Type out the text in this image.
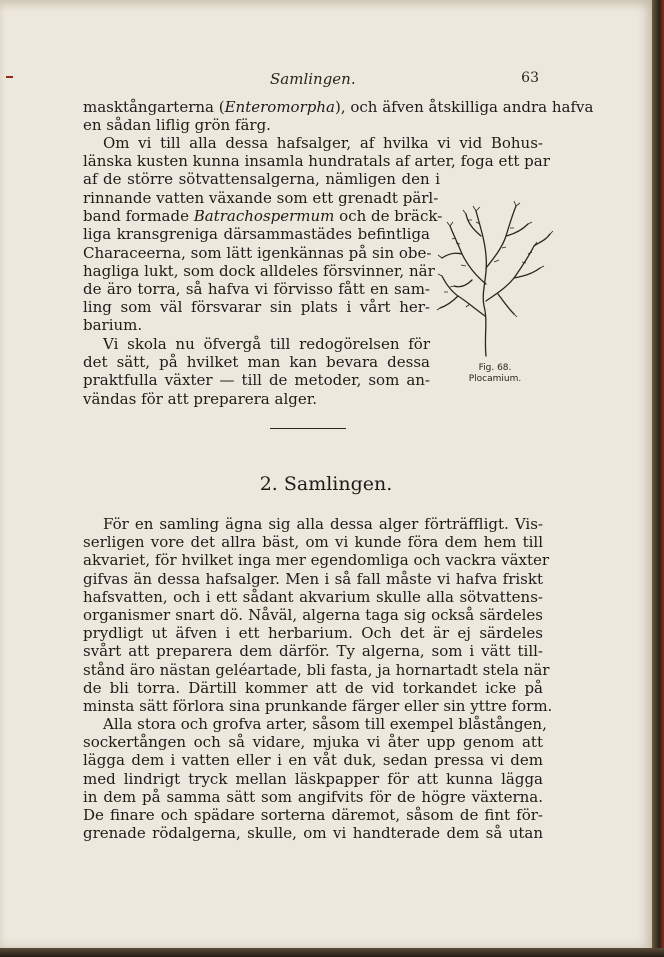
Samlingen.	63
masktångarterna (Enteromorpha), och äfven åtskilliga andra hafva
en sådan liflig grön färg.
Om vi till alla dessa hafsalger, af hvilka vi vid Bohus-
länska kusten kunna insamla hundratals af arter, foga ett par
af de större sötvattensalgerna, nämligen den i
rinnande vatten växande som ett grenadt pärl-
band formade Batrachospermum och de bräck-
liga kransgreniga därsammastädes befintliga
Characeerna, som lätt igenkännas på sin obe-
hagliga lukt, som dock alldeles försvinner, när
de äro torra, så hafva vi förvisso fått en sam-
ling som väl försvarar sin plats i vårt her-
barium.
Vi skola nu öfvergå till redogörelsen för
det sätt, på hvilket man kan bevara dessa
praktfulla växter — till de metoder, som an-
vändas för att preparera alger.
Fig. 68.
Plocamium.
2. Samlingen.
För en samling ägna sig alla dessa alger förträffligt. Vis-
serligen vore det allra bäst, om vi kunde föra dem hem till
akvariet, för hvilket inga mer egendomliga och vackra växter
gifvas än dessa hafsalger. Men i så fall måste vi hafva friskt
hafsvatten, och i ett sådant akvarium skulle alla sötvattens-
organismer snart dö. Nåväl, algerna taga sig också särdeles
prydligt ut äfven i ett herbarium. Och det är ej särdeles
svårt att preparera dem därför. Ty algerna, som i vätt till-
stånd äro nästan geléartade, bli fasta, ja hornartadt stela när
de bli torra. Därtill kommer att de vid torkandet icke på
minsta sätt förlora sina prunkande färger eller sin yttre form.
Alla stora och grofva arter, såsom till exempel blåstången,
sockertången och så vidare, mjuka vi åter upp genom att
lägga dem i vatten eller i en våt duk, sedan pressa vi dem
med lindrigt tryck mellan läskpapper för att kunna lägga
in dem på samma sätt som angifvits för de högre växterna.
De finare och spädare sorterna däremot, såsom de fint för-
grenade rödalgerna, skulle, om vi handterade dem så utan
